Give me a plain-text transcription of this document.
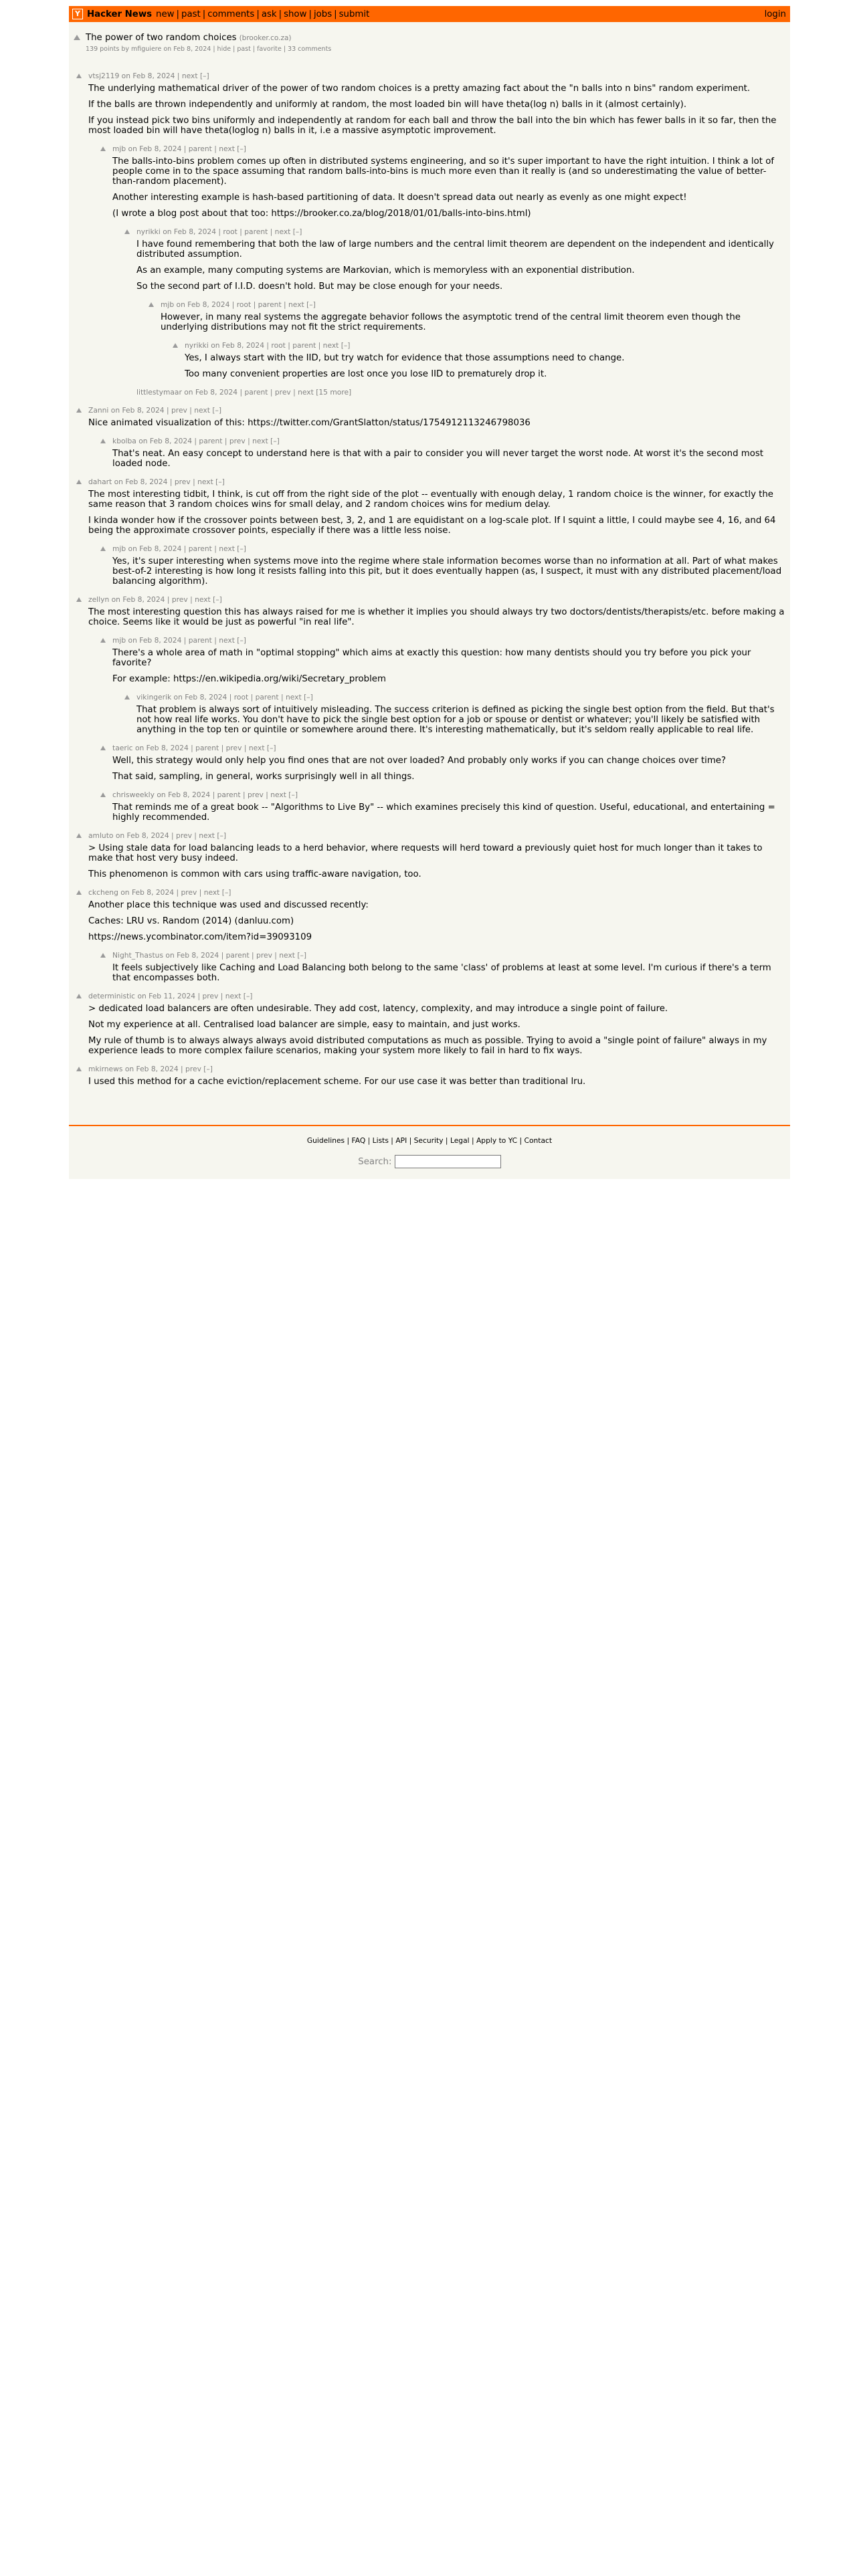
Y Hacker News new | past | comments | ask | show | jobs | submit	login
The power of two random choices (brooker.co.za)
139 points by mfiguiere on Feb 8, 2024 | hide | past | favorite | 33 comments
vtsj2119 on Feb 8, 2024 | next [–]

The underlying mathematical driver of the power of two random choices is a pretty amazing fact about the "n balls into n bins" random experiment.

If the balls are thrown independently and uniformly at random, the most loaded bin will have theta(log n) balls in it (almost certainly).

If you instead pick two bins uniformly and independently at random for each ball and throw the ball into the bin which has fewer balls in it so far, then the most loaded bin will have theta(loglog n) balls in it, i.e a massive asymptotic improvement.

mjb on Feb 8, 2024 | parent | next [–]

The balls-into-bins problem comes up often in distributed systems engineering, and so it's super important to have the right intuition. I think a lot of people come in to the space assuming that random balls-into-bins is much more even than it really is (and so underestimating the value of better-than-random placement).

Another interesting example is hash-based partitioning of data. It doesn't spread data out nearly as evenly as one might expect!

(I wrote a blog post about that too: https://brooker.co.za/blog/2018/01/01/balls-into-bins.html)

nyrikki on Feb 8, 2024 | root | parent | next [–]

I have found remembering that both the law of large numbers and the central limit theorem are dependent on the independent and identically distributed assumption.

As an example, many computing systems are Markovian, which is memoryless with an exponential distribution.

So the second part of I.I.D. doesn't hold. But may be close enough for your needs.

mjb on Feb 8, 2024 | root | parent | next [–]

However, in many real systems the aggregate behavior follows the asymptotic trend of the central limit theorem even though the underlying distributions may not fit the strict requirements.

nyrikki on Feb 8, 2024 | root | parent | next [–]

Yes, I always start with the IID, but try watch for evidence that those assumptions need to change.

Too many convenient properties are lost once you lose IID to prematurely drop it.

littlestymaar on Feb 8, 2024 | parent | prev | next [15 more]
Zanni on Feb 8, 2024 | prev | next [–]

Nice animated visualization of this: https://twitter.com/GrantSlatton/status/1754912113246798036

kbolba on Feb 8, 2024 | parent | prev | next [–]

That's neat. An easy concept to understand here is that with a pair to consider you will never target the worst node. At worst it's the second most loaded node.

dahart on Feb 8, 2024 | prev | next [–]

The most interesting tidbit, I think, is cut off from the right side of the plot -- eventually with enough delay, 1 random choice is the winner, for exactly the same reason that 3 random choices wins for small delay, and 2 random choices wins for medium delay.

I kinda wonder how if the crossover points between best, 3, 2, and 1 are equidistant on a log-scale plot. If I squint a little, I could maybe see 4, 16, and 64 being the approximate crossover points, especially if there was a little less noise.

mjb on Feb 8, 2024 | parent | next [–]

Yes, it's super interesting when systems move into the regime where stale information becomes worse than no information at all. Part of what makes best-of-2 interesting is how long it resists falling into this pit, but it does eventually happen (as, I suspect, it must with any distributed placement/load balancing algorithm).

zellyn on Feb 8, 2024 | prev | next [–]

The most interesting question this has always raised for me is whether it implies you should always try two doctors/dentists/therapists/etc. before making a choice. Seems like it would be just as powerful "in real life".

mjb on Feb 8, 2024 | parent | next [–]

There's a whole area of math in "optimal stopping" which aims at exactly this question: how many dentists should you try before you pick your favorite?

For example: https://en.wikipedia.org/wiki/Secretary_problem

vikingerik on Feb 8, 2024 | root | parent | next [–]

That problem is always sort of intuitively misleading. The success criterion is defined as picking the single best option from the field. But that's not how real life works. You don't have to pick the single best option for a job or spouse or dentist or whatever; you'll likely be satisfied with anything in the top ten or quintile or somewhere around there. It's interesting mathematically, but it's seldom really applicable to real life.

taeric on Feb 8, 2024 | parent | prev | next [–]

Well, this strategy would only help you find ones that are not over loaded? And probably only works if you can change choices over time?

That said, sampling, in general, works surprisingly well in all things.

chrisweekly on Feb 8, 2024 | parent | prev | next [–]

That reminds me of a great book -- "Algorithms to Live By" -- which examines precisely this kind of question. Useful, educational, and entertaining = highly recommended.

amluto on Feb 8, 2024 | prev | next [–]

> Using stale data for load balancing leads to a herd behavior, where requests will herd toward a previously quiet host for much longer than it takes to make that host very busy indeed.

This phenomenon is common with cars using traffic-aware navigation, too.

ckcheng on Feb 8, 2024 | prev | next [–]

Another place this technique was used and discussed recently:

Caches: LRU vs. Random (2014) (danluu.com)

https://news.ycombinator.com/item?id=39093109

Night_Thastus on Feb 8, 2024 | parent | prev | next [–]

It feels subjectively like Caching and Load Balancing both belong to the same 'class' of problems at least at some level. I'm curious if there's a term that encompasses both.

deterministic on Feb 11, 2024 | prev | next [–]

> dedicated load balancers are often undesirable. They add cost, latency, complexity, and may introduce a single point of failure.

Not my experience at all. Centralised load balancer are simple, easy to maintain, and just works.

My rule of thumb is to always always always avoid distributed computations as much as possible. Trying to avoid a "single point of failure" always in my experience leads to more complex failure scenarios, making your system more likely to fail in hard to fix ways.

mkirnews on Feb 8, 2024 | prev [–]

I used this method for a cache eviction/replacement scheme. For our use case it was better than traditional lru.

Guidelines | FAQ | Lists | API | Security | Legal | Apply to YC | Contact
Search:
